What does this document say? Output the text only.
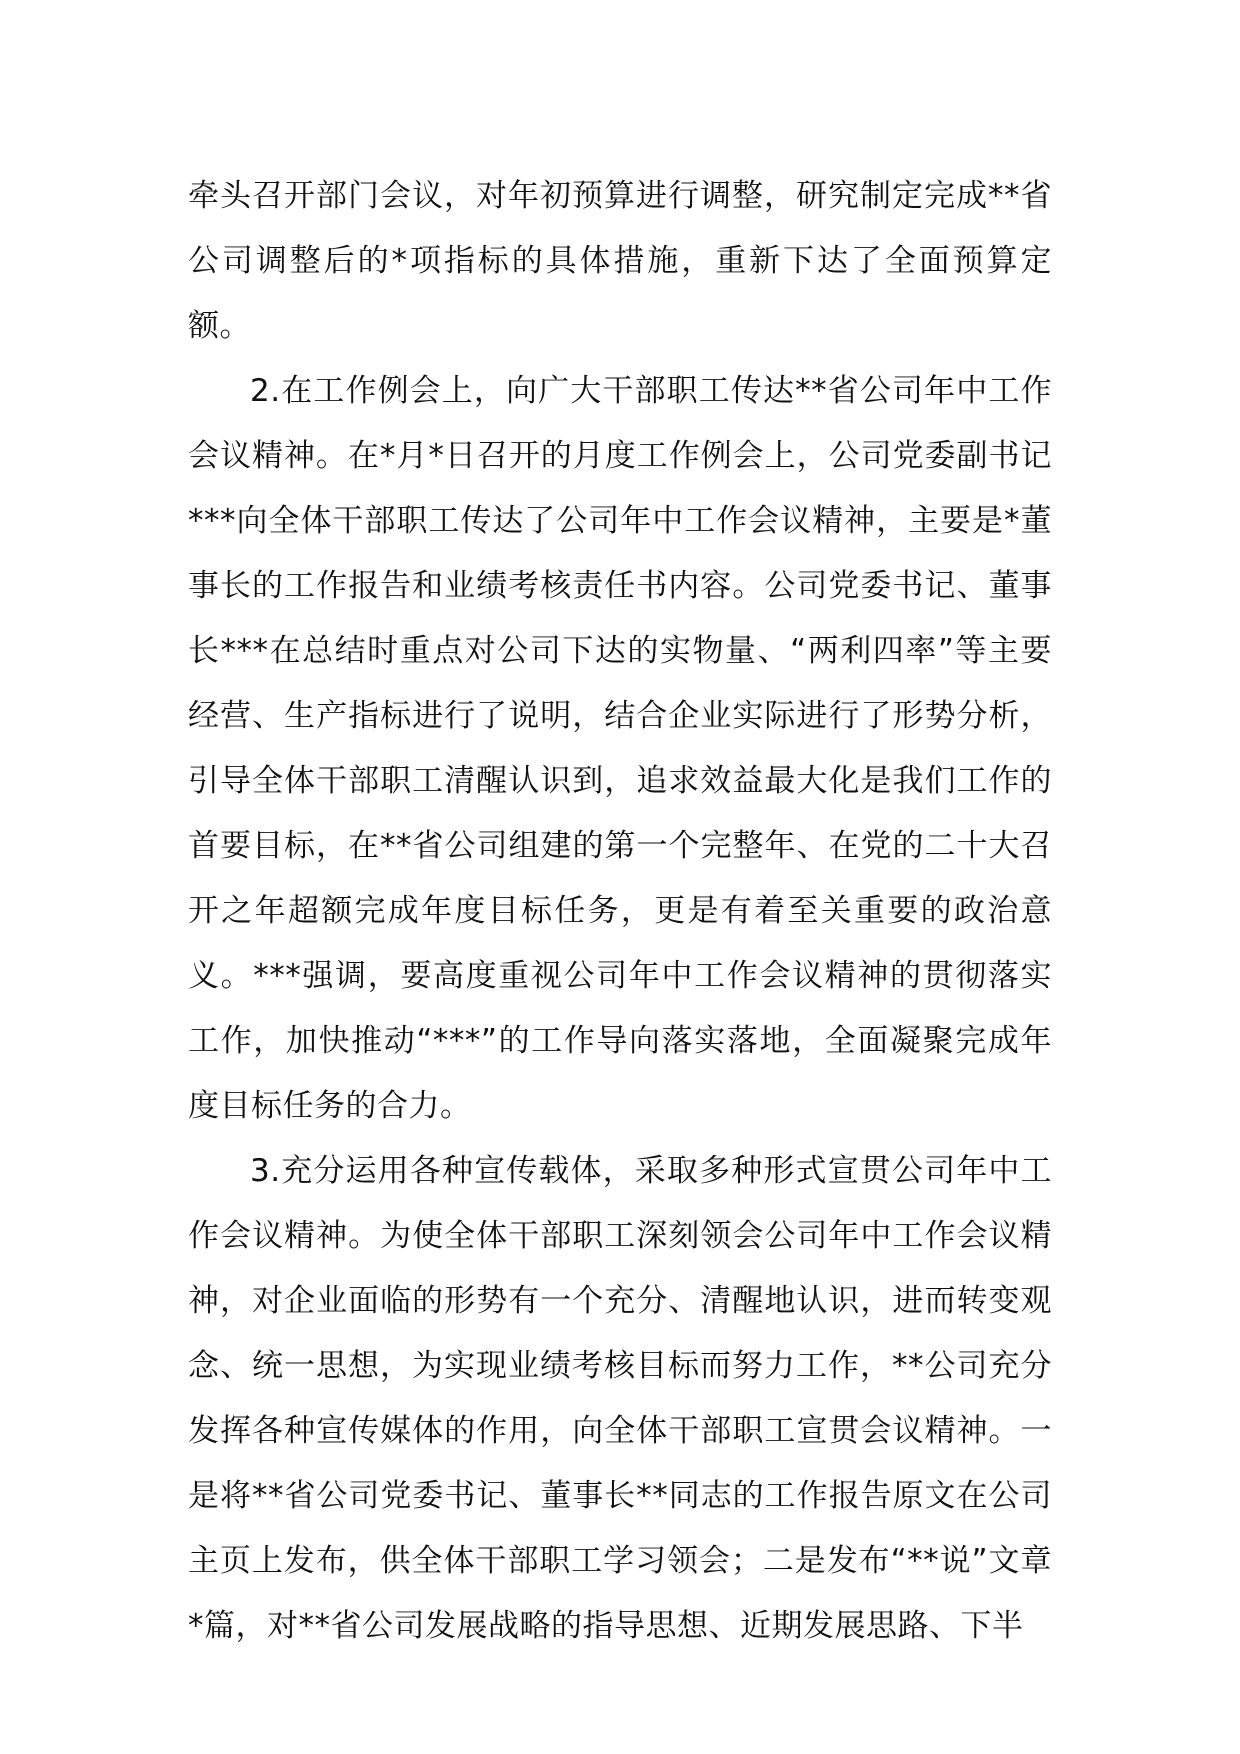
牵头召开部门会议，对年初预算进行调整，研究制定完成**省公司调整后的*项指标的具体措施，重新下达了全面预算定额。

2.在工作例会上，向广大干部职工传达**省公司年中工作会议精神。在*月*日召开的月度工作例会上，公司党委副书记***向全体干部职工传达了公司年中工作会议精神，主要是*董事长的工作报告和业绩考核责任书内容。公司党委书记、董事长***在总结时重点对公司下达的实物量、“两利四率”等主要经营、生产指标进行了说明，结合企业实际进行了形势分析，引导全体干部职工清醒认识到，追求效益最大化是我们工作的首要目标，在**省公司组建的第一个完整年、在党的二十大召开之年超额完成年度目标任务，更是有着至关重要的政治意义。***强调，要高度重视公司年中工作会议精神的贯彻落实工作，加快推动“***”的工作导向落实落地，全面凝聚完成年度目标任务的合力。

3.充分运用各种宣传载体，采取多种形式宣贯公司年中工作会议精神。为使全体干部职工深刻领会公司年中工作会议精神，对企业面临的形势有一个充分、清醒地认识，进而转变观念、统一思想，为实现业绩考核目标而努力工作，**公司充分发挥各种宣传媒体的作用，向全体干部职工宣贯会议精神。一是将**省公司党委书记、董事长**同志的工作报告原文在公司主页上发布，供全体干部职工学习领会；二是发布“**说”文章*篇，对**省公司发展战略的指导思想、近期发展思路、下半
